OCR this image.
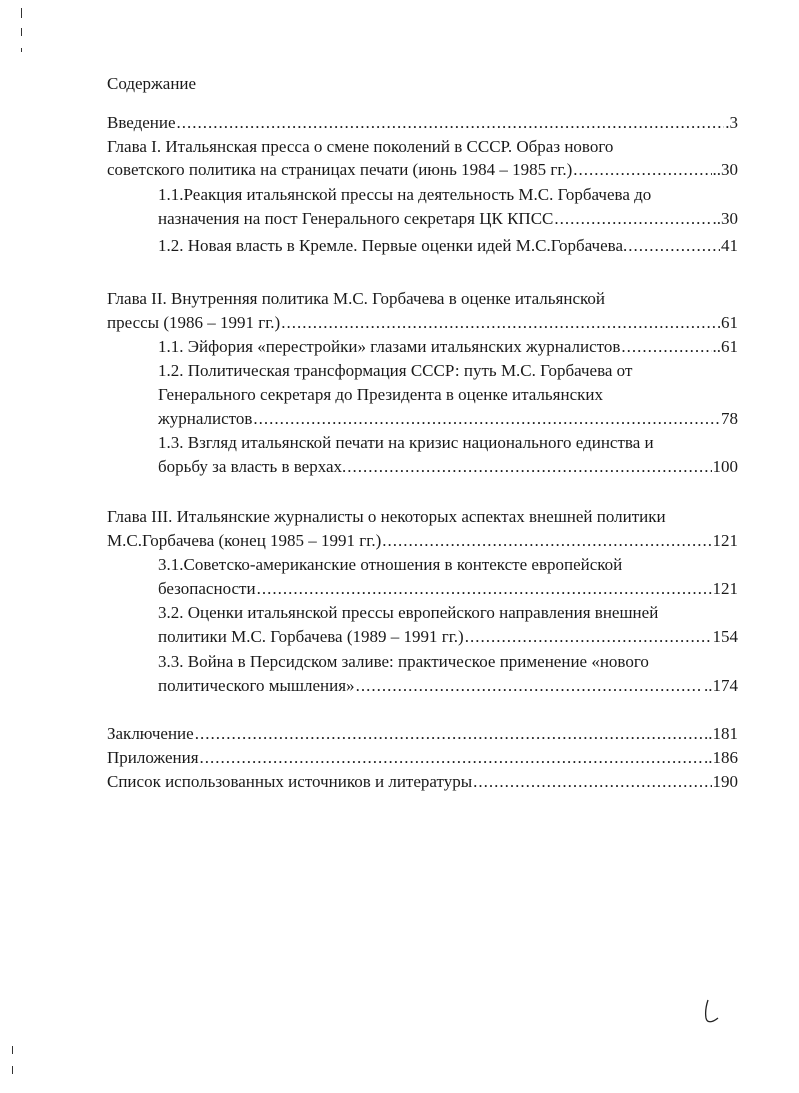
Содержание
Введение .....	.3
Глава I. Итальянская пресса о смене поколений в СССР. Образ нового
советского политика на страницах печати (июнь 1984 – 1985 гг.) .....	..30
1.1.Реакция итальянской прессы на деятельность М.С. Горбачева до
назначения на пост Генерального секретаря ЦК КПСС .....	..30
1.2. Новая власть в Кремле. Первые оценки идей М.С.Горбачева. .....	41
Глава II. Внутренняя политика М.С. Горбачева в оценке итальянской
прессы (1986 – 1991 гг.) .....	61
1.1. Эйфория «перестройки» глазами итальянских журналистов .....	..61
1.2. Политическая трансформация СССР: путь М.С. Горбачева от
Генерального секретаря до Президента в оценке итальянских
журналистов .....	78
1.3. Взгляд итальянской печати на кризис национального единства и
борьбу за власть в верхах. .....	100
Глава III. Итальянские журналисты о некоторых аспектах внешней политики
М.С.Горбачева (конец 1985 – 1991 гг.) .....	121
3.1.Советско-американские отношения в контексте европейской
безопасности .....	121
3.2. Оценки итальянской прессы европейского направления внешней
политики М.С. Горбачева (1989 – 1991 гг.) .....	154
3.3. Война в Персидском заливе: практическое применение «нового
политического мышления» .....	..174
Заключение .....	..181
Приложения .....	..186
Список использованных источников и литературы .....	190
